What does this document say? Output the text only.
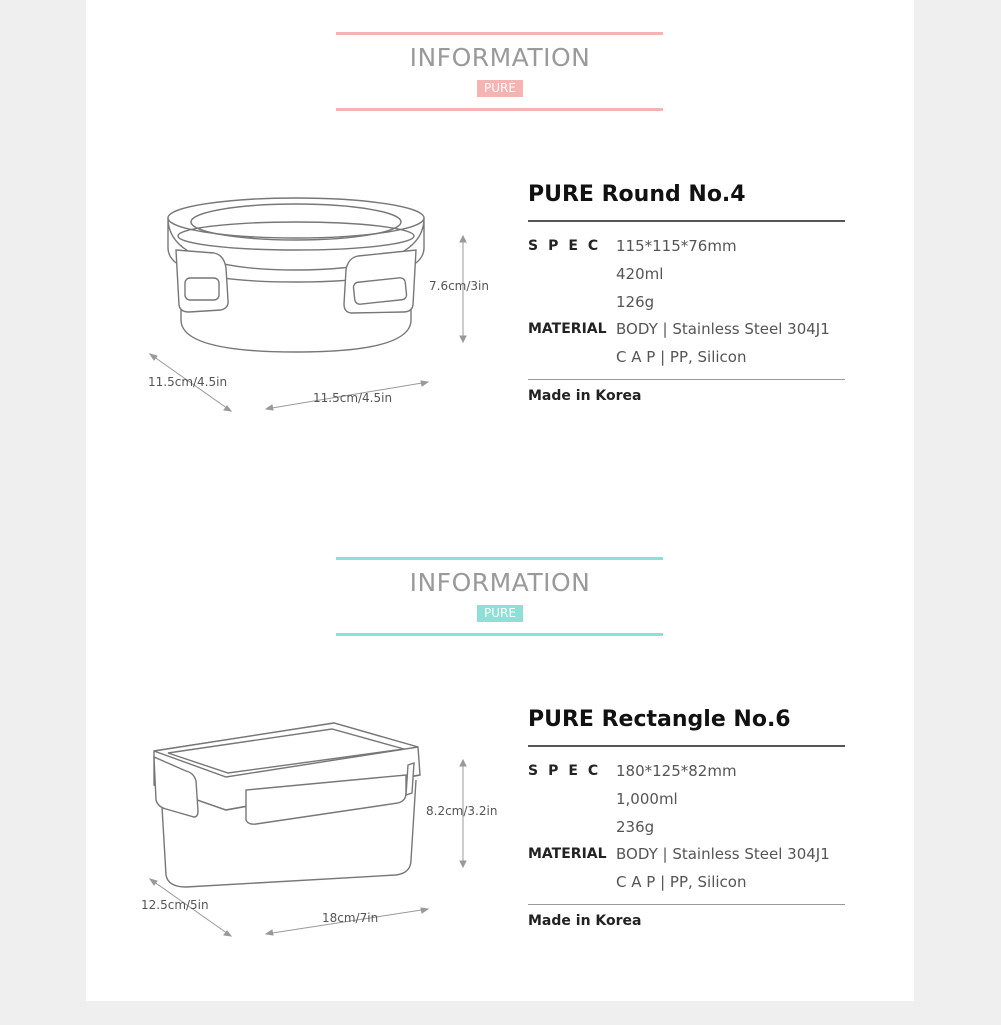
INFORMATION
PURE
7.6cm/3in
11.5cm/4.5in
11.5cm/4.5in
PURE Round No.4
SPEC 115*115*76mm
420ml
126g
MATERIAL BODY | Stainless Steel 304J1
C A P | PP, Silicon
Made in Korea
INFORMATION
PURE
8.2cm/3.2in
12.5cm/5in
18cm/7in
PURE Rectangle No.6
SPEC 180*125*82mm
1,000ml
236g
MATERIAL BODY | Stainless Steel 304J1
C A P | PP, Silicon
Made in Korea
